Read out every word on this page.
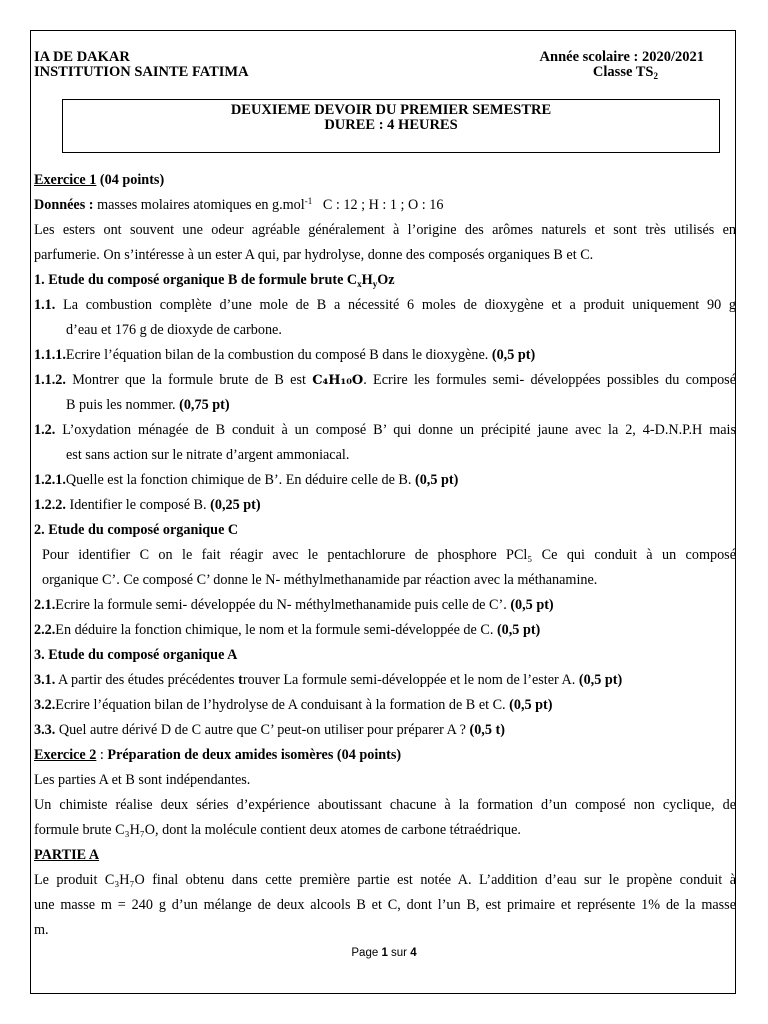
IA DE DAKAR	Année scolaire : 2020/2021
INSTITUTION SAINTE FATIMA	Classe $TS_2$
DEUXIEME DEVOIR DU PREMIER SEMESTRE
DUREE : 4 HEURES
Exercice 1 (04 points)
Données : masses molaires atomiques en g.mol$^{-1}$   C : 12 ; H : 1 ; O : 16
Les esters ont souvent une odeur agréable généralement à l’origine des arômes naturels et sont très utilisés en
parfumerie. On s’intéresse à un ester A qui, par hydrolyse, donne des composés organiques B et C.
1. Etude du composé organique B de formule brute $C_xH_yOz$
1.1. La combustion complète d’une mole de B a nécessité 6 moles de dioxygène et a produit uniquement 90 g
d’eau et 176 g de dioxyde de carbone.
1.1.1.Ecrire l’équation bilan de la combustion du composé B dans le dioxygène. (0,5 pt)
1.1.2. Montrer que la formule brute de B est C₄H₁₀O. Ecrire les formules semi- développées possibles du composé
B puis les nommer. (0,75 pt)
1.2. L’oxydation ménagée de B conduit à un composé B’ qui donne un précipité jaune avec la 2, 4-D.N.P.H mais
est sans action sur le nitrate d’argent ammoniacal.
1.2.1.Quelle est la fonction chimique de B’. En déduire celle de B. (0,5 pt)
1.2.2. Identifier le composé B. (0,25 pt)
2. Etude du composé organique C
Pour identifier C on le fait réagir avec le pentachlorure de phosphore PCl₅ Ce qui conduit à un composé
organique C’. Ce composé C’ donne le N- méthylmethanamide par réaction avec la méthanamine.
2.1.Ecrire la formule semi- développée du N- méthylmethanamide puis celle de C’. (0,5 pt)
2.2.En déduire la fonction chimique, le nom et la formule semi-développée de C. (0,5 pt)
3. Etude du composé organique A
3.1. A partir des études précédentes trouver La formule semi-développée et le nom de l’ester A. (0,5 pt)
3.2.Ecrire l’équation bilan de l’hydrolyse de A conduisant à la formation de B et C. (0,5 pt)
3.3. Quel autre dérivé D de C autre que C’ peut-on utiliser pour préparer A ? (0,5 t)
Exercice 2 : Préparation de deux amides isomères (04 points)
Les parties A et B sont indépendantes.
Un chimiste réalise deux séries d’expérience aboutissant chacune à la formation d’un composé non cyclique, de
formule brute C₃H₇O, dont la molécule contient deux atomes de carbone tétraédrique.
PARTIE A
Le produit C₃H₇O final obtenu dans cette première partie est notée A. L’addition d’eau sur le propène conduit à
une masse m = 240 g d’un mélange de deux alcools B et C, dont l’un B, est primaire et représente 1% de la masse
m.
Page 1 sur 4
